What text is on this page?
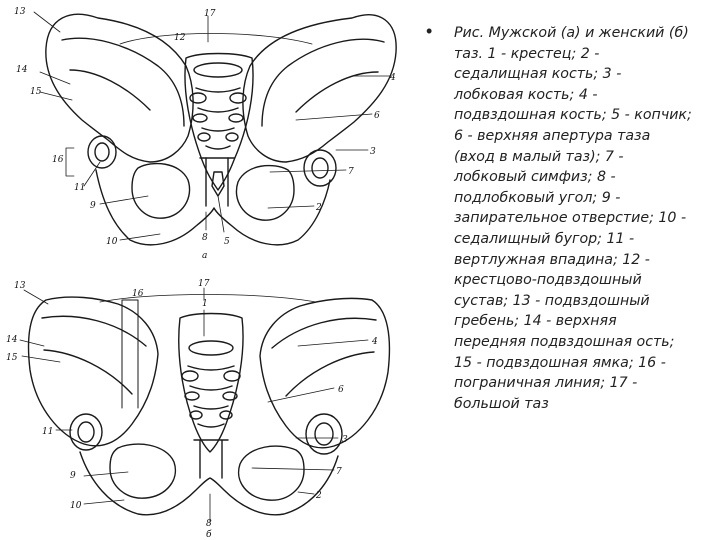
13	17
12
14
15
4
6
16
11
3
7
9	2
10	8 5
а
13	17
16
1
14
15
4
6
11
3
9	7
10
2
8
б
• Рис. Мужской (а) и женский (б) таз. 1 - крестец; 2 - седалищная кость; 3 - лобковая кость; 4 - подвздошная кость; 5 - копчик; 6 - верхняя апертура таза (вход в малый таз); 7 - лобковый симфиз; 8 - подлобковый угол; 9 - запирательное отверстие; 10 - седалищный бугор; 11 - вертлужная впадина; 12 - крестцово-подвздошный сустав; 13 - подвздошный гребень; 14 - верхняя передняя подвздошная ость; 15 - подвздошная ямка; 16 - пограничная линия; 17 - большой таз
